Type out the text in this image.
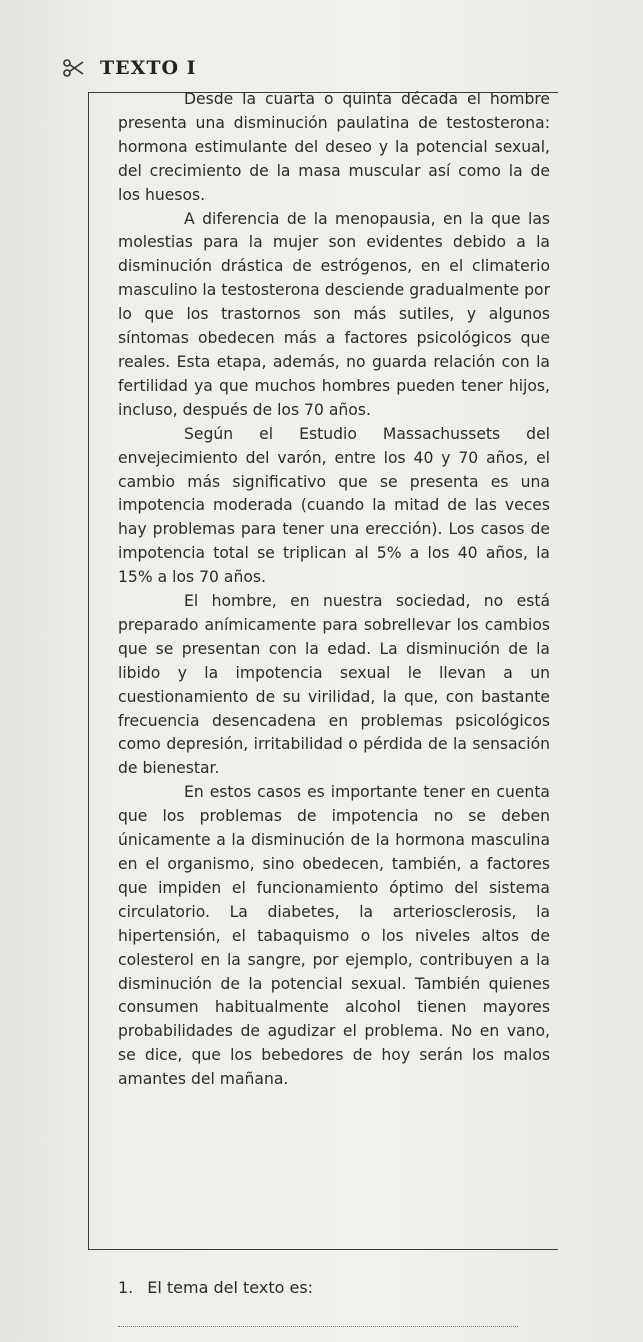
TEXTO I

Desde la cuarta o quinta década el hombre presenta una disminución paulatina de testosterona: hormona estimulante del deseo y la potencial sexual, del crecimiento de la masa muscular así como la de los huesos.

A diferencia de la menopausia, en la que las molestias para la mujer son evidentes debido a la disminución drástica de estrógenos, en el climaterio masculino la testosterona desciende gradualmente por lo que los trastornos son más sutiles, y algunos síntomas obedecen más a factores psicológicos que reales. Esta etapa, además, no guarda relación con la fertilidad ya que muchos hombres pueden tener hijos, incluso, después de los 70 años.

Según el Estudio Massachussets del envejecimiento del varón, entre los 40 y 70 años, el cambio más significativo que se presenta es una impotencia moderada (cuando la mitad de las veces hay problemas para tener una erección). Los casos de impotencia total se triplican al 5% a los 40 años, la 15% a los 70 años.

El hombre, en nuestra sociedad, no está preparado anímicamente para sobrellevar los cambios que se presentan con la edad. La disminución de la libido y la impotencia sexual le llevan a un cuestionamiento de su virilidad, la que, con bastante frecuencia desencadena en problemas psicológicos como depresión, irritabilidad o pérdida de la sensación de bienestar.

En estos casos es importante tener en cuenta que los problemas de impotencia no se deben únicamente a la disminución de la hormona masculina en el organismo, sino obedecen, también, a factores que impiden el funcionamiento óptimo del sistema circulatorio. La diabetes, la arteriosclerosis, la hipertensión, el tabaquismo o los niveles altos de colesterol en la sangre, por ejemplo, contribuyen a la disminución de la potencial sexual. También quienes consumen habitualmente alcohol tienen mayores probabilidades de agudizar el problema. No en vano, se dice, que los bebedores de hoy serán los malos amantes del mañana.

1. El tema del texto es:
